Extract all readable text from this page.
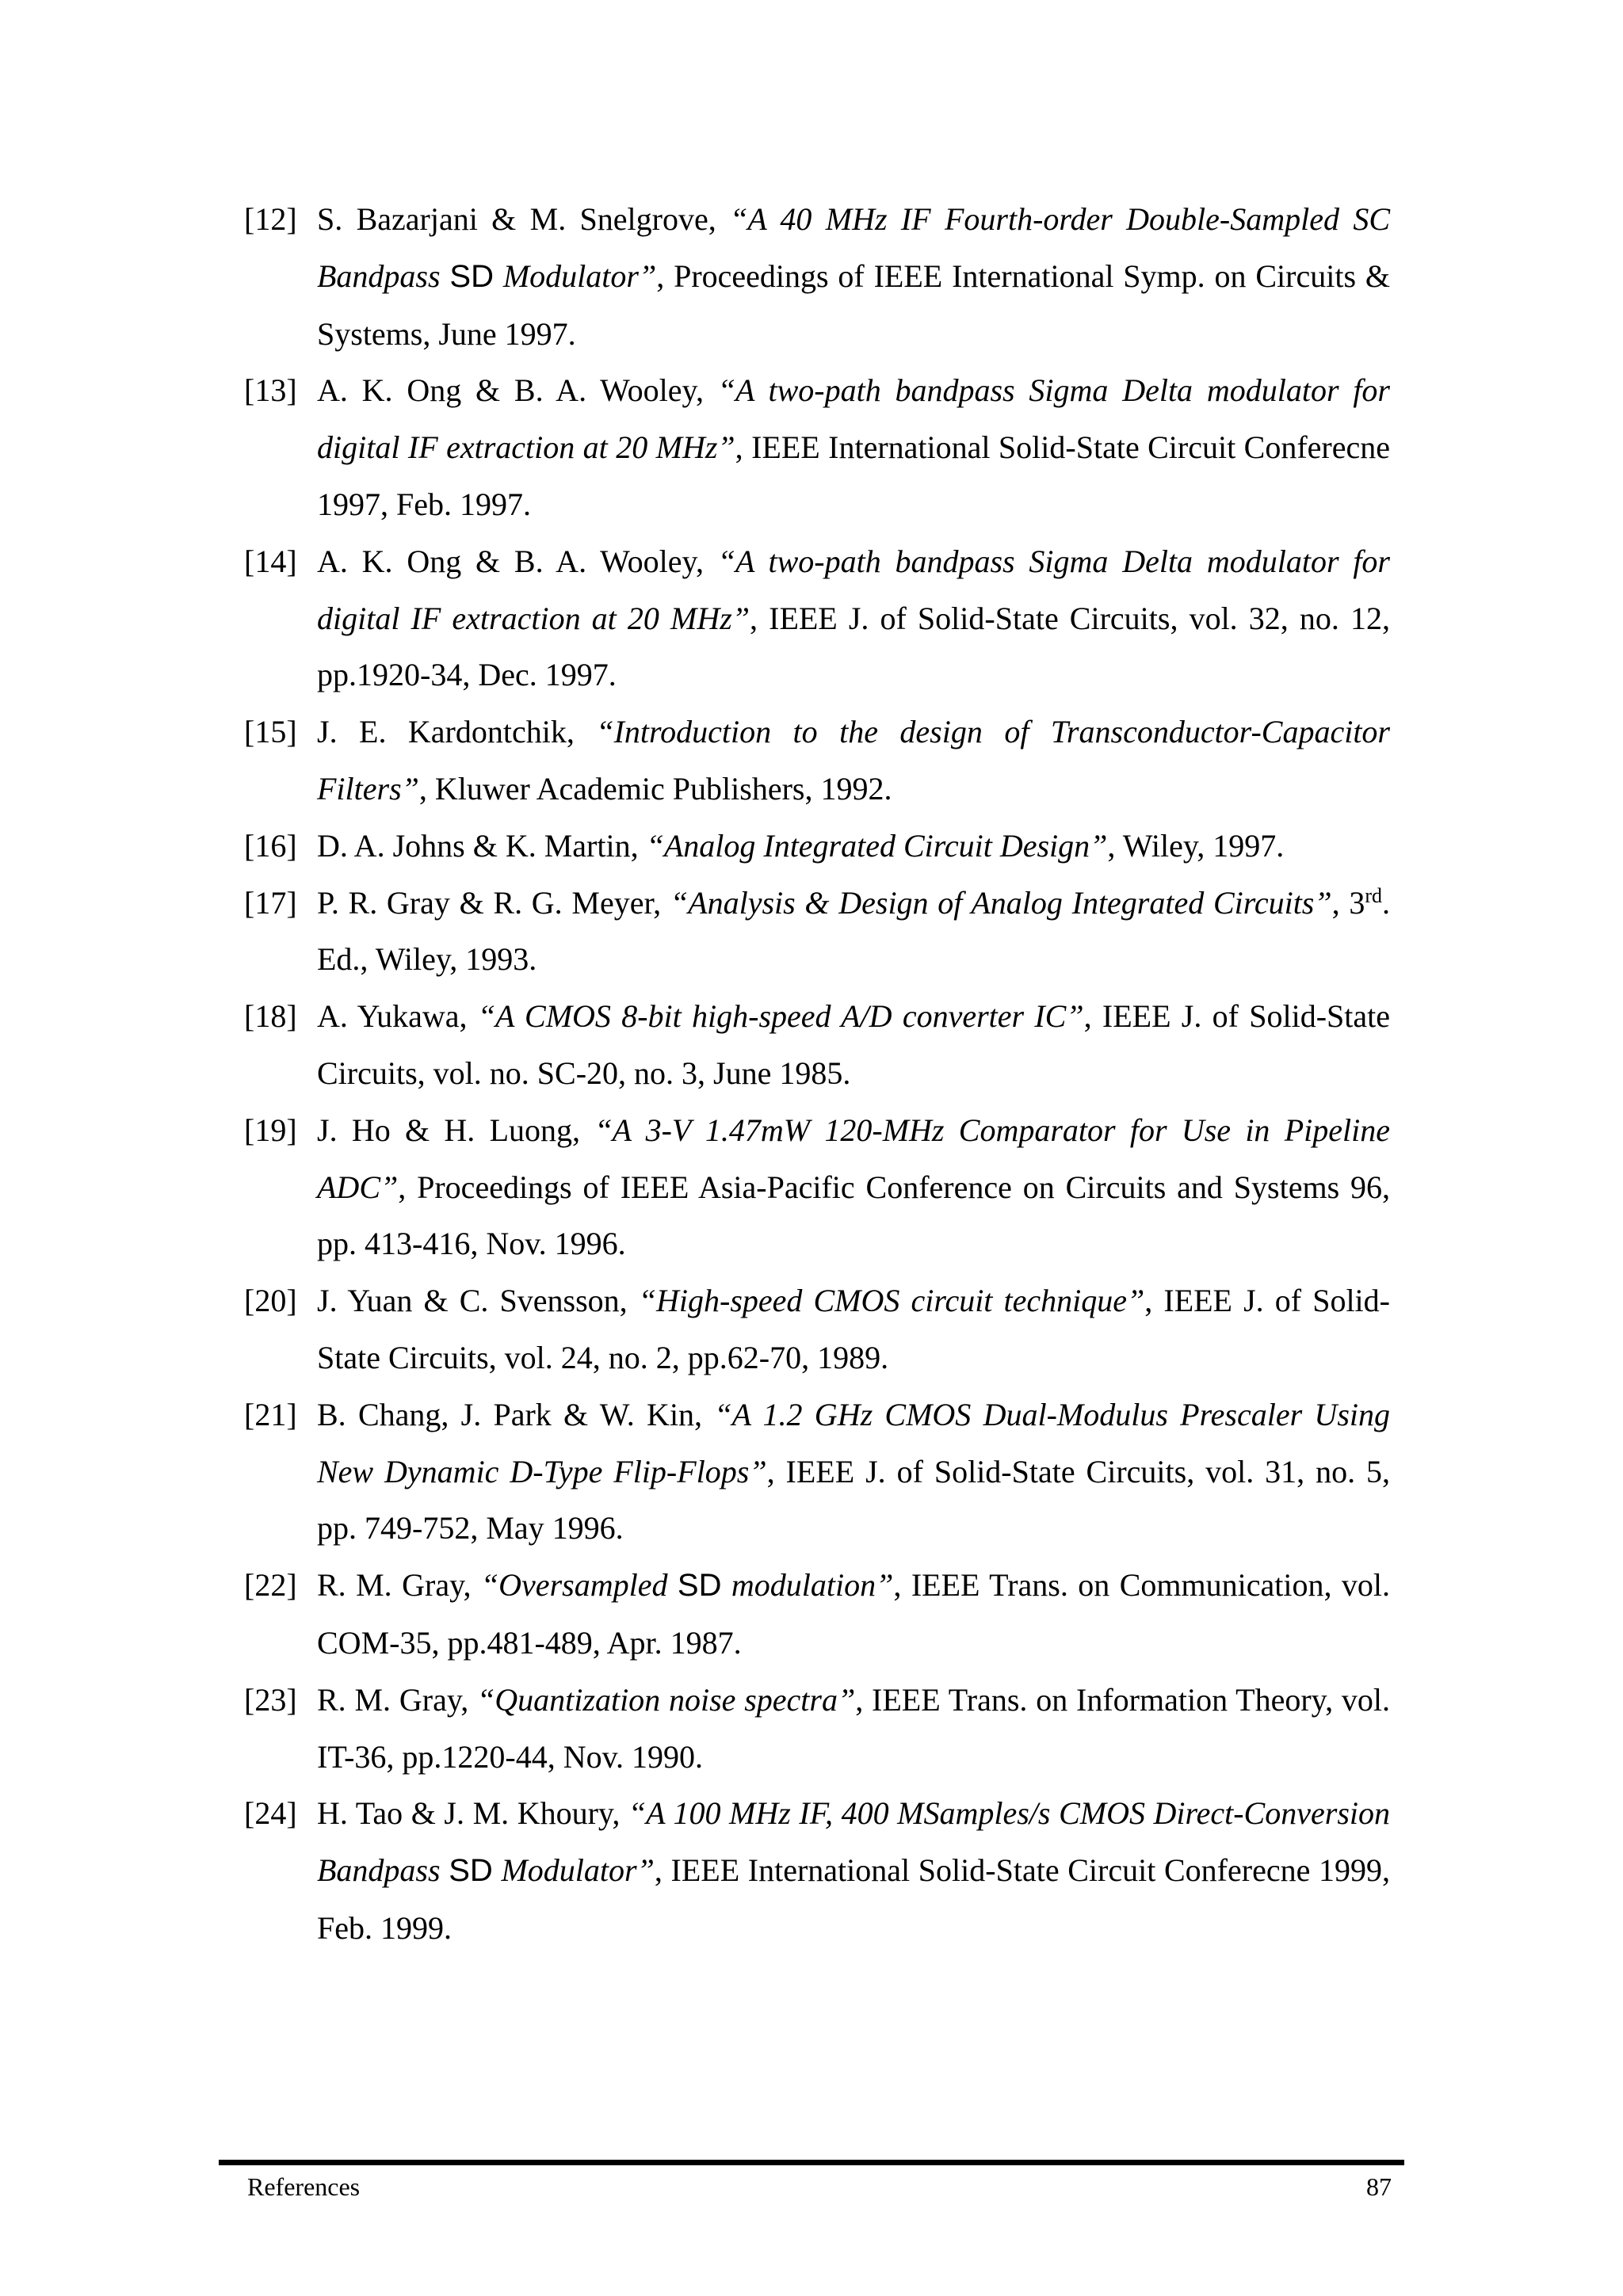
[12] S. Bazarjani & M. Snelgrove, “A 40 MHz IF Fourth-order Double-Sampled SC Bandpass SD Modulator”, Proceedings of IEEE International Symp. on Circuits & Systems, June 1997.
[13] A. K. Ong & B. A. Wooley, “A two-path bandpass Sigma Delta modulator for digital IF extraction at 20 MHz”, IEEE International Solid-State Circuit Conferecne 1997, Feb. 1997.
[14] A. K. Ong & B. A. Wooley, “A two-path bandpass Sigma Delta modulator for digital IF extraction at 20 MHz”, IEEE J. of Solid-State Circuits, vol. 32, no. 12, pp.1920-34, Dec. 1997.
[15] J. E. Kardontchik, “Introduction to the design of Transconductor-Capacitor Filters”, Kluwer Academic Publishers, 1992.
[16] D. A. Johns & K. Martin, “Analog Integrated Circuit Design”, Wiley, 1997.
[17] P. R. Gray & R. G. Meyer, “Analysis & Design of Analog Integrated Circuits”, 3rd. Ed., Wiley, 1993.
[18] A. Yukawa, “A CMOS 8-bit high-speed A/D converter IC”, IEEE J. of Solid-State Circuits, vol. no. SC-20, no. 3, June 1985.
[19] J. Ho & H. Luong, “A 3-V 1.47mW 120-MHz Comparator for Use in Pipeline ADC”, Proceedings of IEEE Asia-Pacific Conference on Circuits and Systems 96, pp. 413-416, Nov. 1996.
[20] J. Yuan & C. Svensson, “High-speed CMOS circuit technique”, IEEE J. of Solid-State Circuits, vol. 24, no. 2, pp.62-70, 1989.
[21] B. Chang, J. Park & W. Kin, “A 1.2 GHz CMOS Dual-Modulus Prescaler Using New Dynamic D-Type Flip-Flops”, IEEE J. of Solid-State Circuits, vol. 31, no. 5, pp. 749-752, May 1996.
[22] R. M. Gray, “Oversampled SD modulation”, IEEE Trans. on Communication, vol. COM-35, pp.481-489, Apr. 1987.
[23] R. M. Gray, “Quantization noise spectra”, IEEE Trans. on Information Theory, vol. IT-36, pp.1220-44, Nov. 1990.
[24] H. Tao & J. M. Khoury, “A 100 MHz IF, 400 MSamples/s CMOS Direct-Conversion Bandpass SD Modulator”, IEEE International Solid-State Circuit Conferecne 1999, Feb. 1999.
References	87
